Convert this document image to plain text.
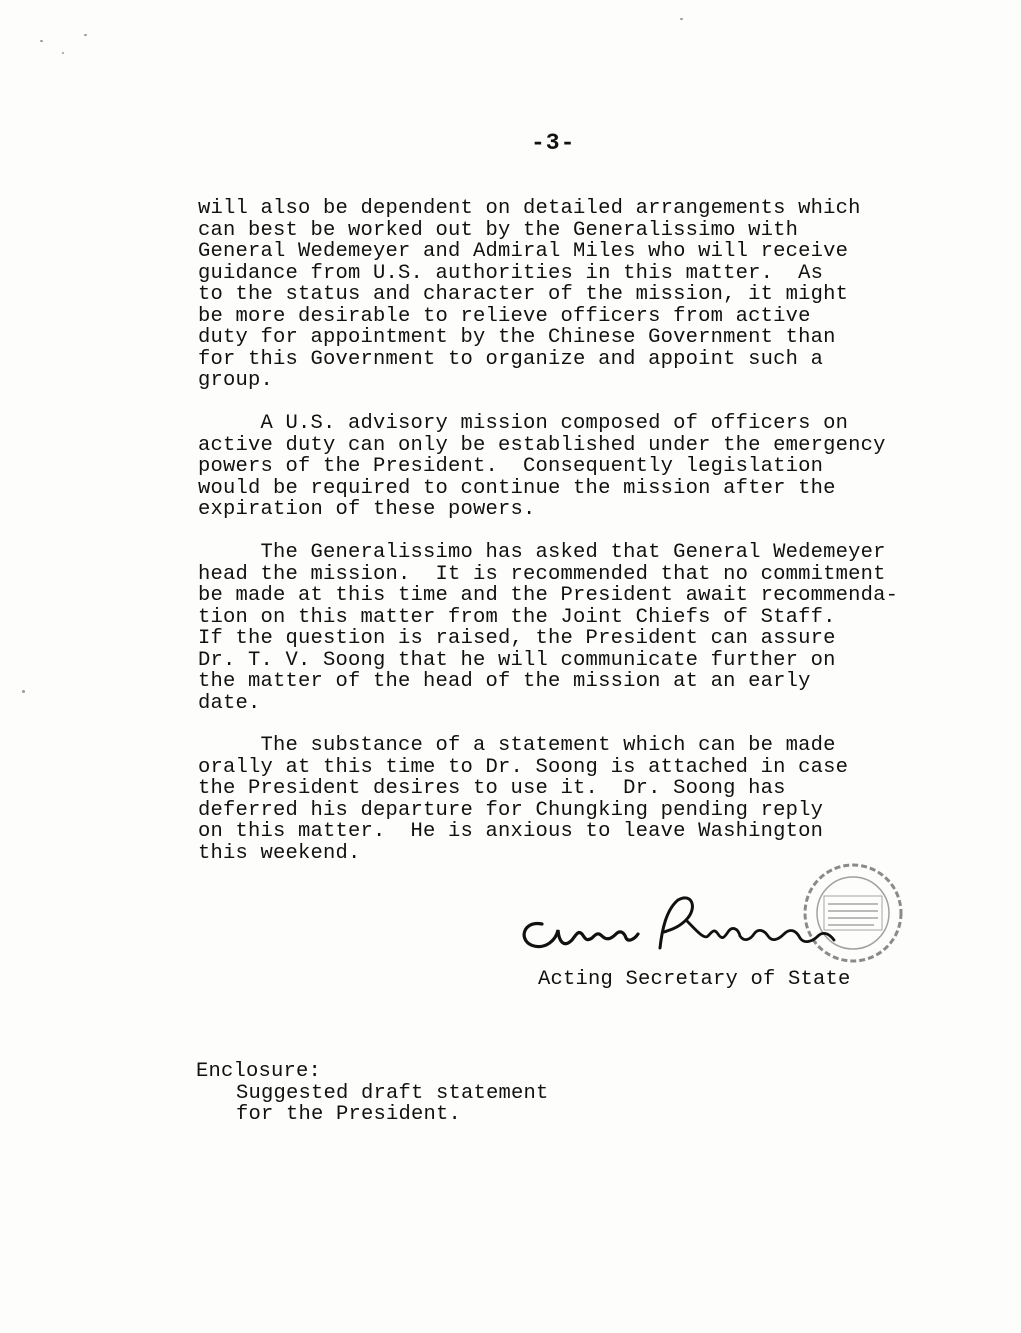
-3-
will also be dependent on detailed arrangements which
can best be worked out by the Generalissimo with
General Wedemeyer and Admiral Miles who will receive
guidance from U.S. authorities in this matter.  As
to the status and character of the mission, it might
be more desirable to relieve officers from active
duty for appointment by the Chinese Government than
for this Government to organize and appoint such a
group.
A U.S. advisory mission composed of officers on
active duty can only be established under the emergency
powers of the President.  Consequently legislation
would be required to continue the mission after the
expiration of these powers.
The Generalissimo has asked that General Wedemeyer
head the mission.  It is recommended that no commitment
be made at this time and the President await recommenda-
tion on this matter from the Joint Chiefs of Staff.
If the question is raised, the President can assure
Dr. T. V. Soong that he will communicate further on
the matter of the head of the mission at an early
date.
The substance of a statement which can be made
orally at this time to Dr. Soong is attached in case
the President desires to use it.  Dr. Soong has
deferred his departure for Chungking pending reply
on this matter.  He is anxious to leave Washington
this weekend.
Acting Secretary of State
Enclosure:
Suggested draft statement
for the President.
